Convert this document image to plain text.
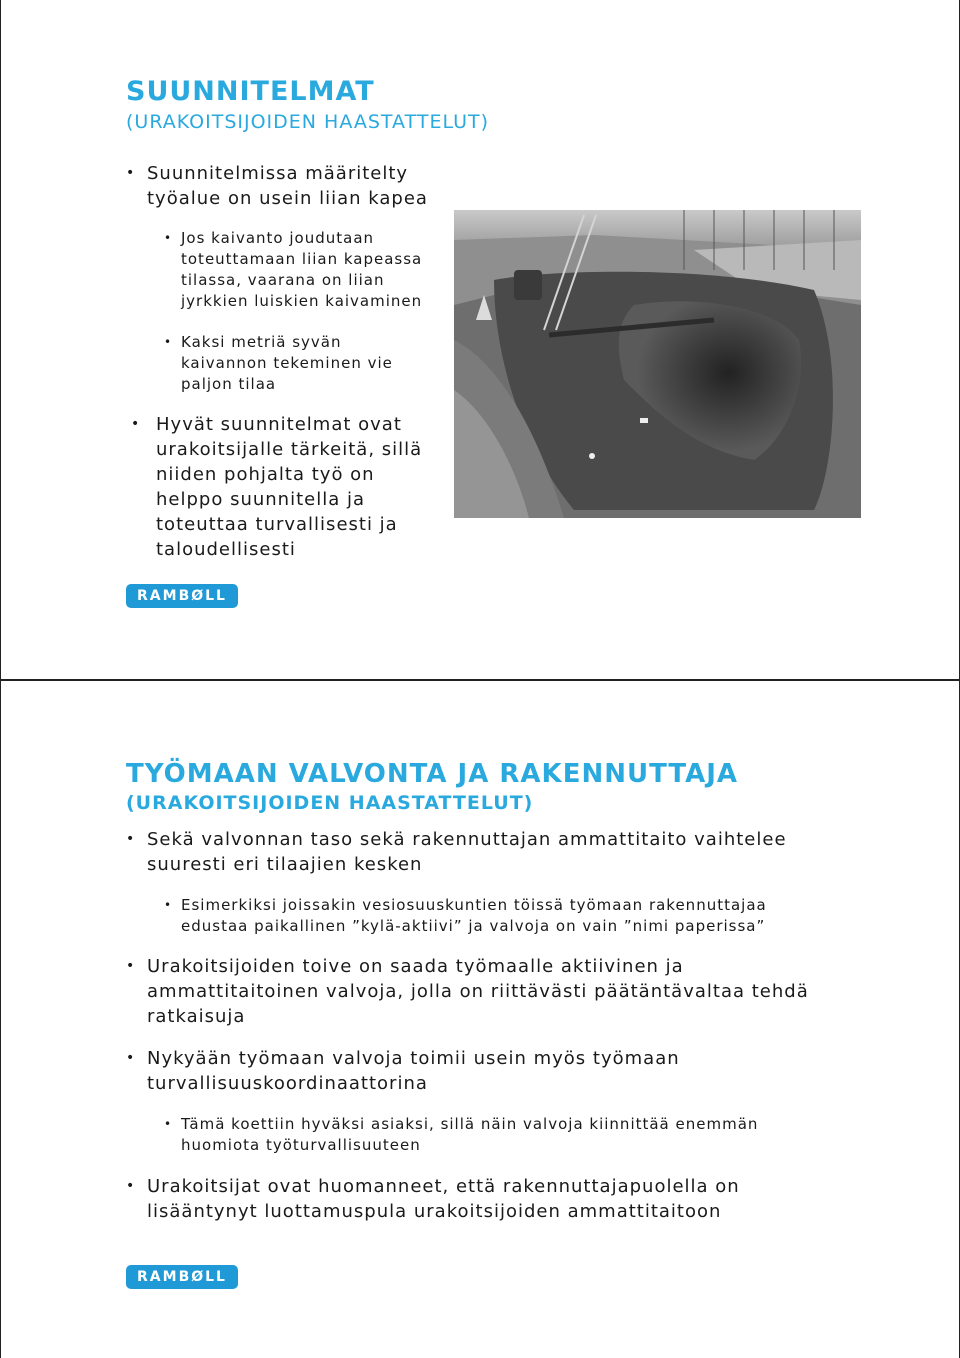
SUUNNITELMAT
(URAKOITSIJOIDEN HAASTATTELUT)
• Suunnitelmissa määritelty
työalue on usein liian kapea
• Jos kaivanto joudutaan
toteuttamaan liian kapeassa
tilassa, vaarana on liian
jyrkkien luiskien kaivaminen
• Kaksi metriä syvän
kaivannon tekeminen vie
paljon tilaa
• Hyvät suunnitelmat ovat
urakoitsijalle tärkeitä, sillä
niiden pohjalta työ on
helppo suunnitella ja
toteuttaa turvallisesti ja
taloudellisesti
RAMBØLL
TYÖMAAN VALVONTA JA RAKENNUTTAJA
(URAKOITSIJOIDEN HAASTATTELUT)
• Sekä valvonnan taso sekä rakennuttajan ammattitaito vaihtelee
suuresti eri tilaajien kesken
• Esimerkiksi joissakin vesiosuuskuntien töissä työmaan rakennuttajaa
edustaa paikallinen ”kylä-aktiivi” ja valvoja on vain ”nimi paperissa”
• Urakoitsijoiden toive on saada työmaalle aktiivinen ja
ammattitaitoinen valvoja, jolla on riittävästi päätäntävaltaa tehdä
ratkaisuja
• Nykyään työmaan valvoja toimii usein myös työmaan
turvallisuuskoordinaattorina
• Tämä koettiin hyväksi asiaksi, sillä näin valvoja kiinnittää enemmän
huomiota työturvallisuuteen
• Urakoitsijat ovat huomanneet, että rakennuttajapuolella on
lisääntynyt luottamuspula urakoitsijoiden ammattitaitoon
RAMBØLL
